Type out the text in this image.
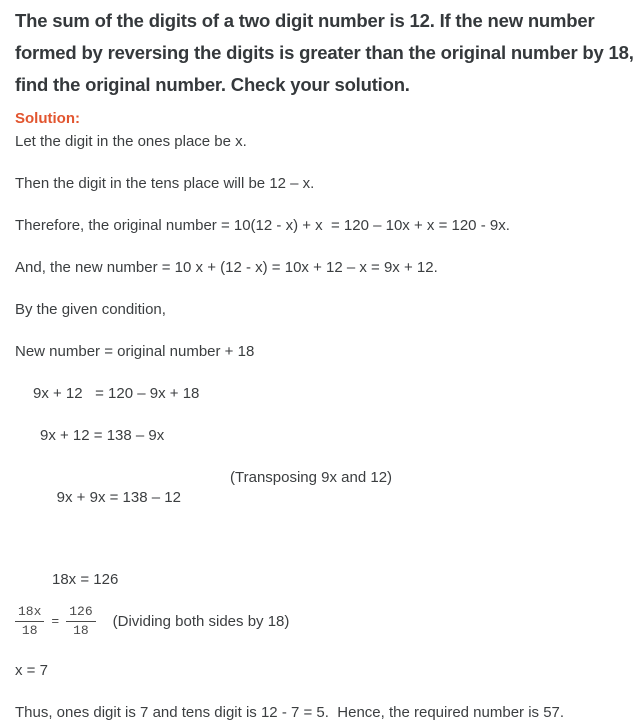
The sum of the digits of a two digit number is 12. If the new number
formed by reversing the digits is greater than the original number by 18,
find the original number. Check your solution.
Solution:

Let the digit in the ones place be x.

Then the digit in the tens place will be 12 – x.

Therefore, the original number = 10(12 - x) + x  = 120 – 10x + x = 120 - 9x.

And, the new number = 10 x + (12 - x) = 10x + 12 – x = 9x + 12.

By the given condition,

New number = original number + 18

9x + 12   = 120 – 9x + 18

9x + 12 = 138 – 9x

9x + 9x = 138 – 12

(Transposing 9x and 12)

18x = 126

$\frac{18x}{18} = \frac{126}{18}$ (Dividing both sides by 18)

x = 7

Thus, ones digit is 7 and tens digit is 12 - 7 = 5.  Hence, the required number is 57.
